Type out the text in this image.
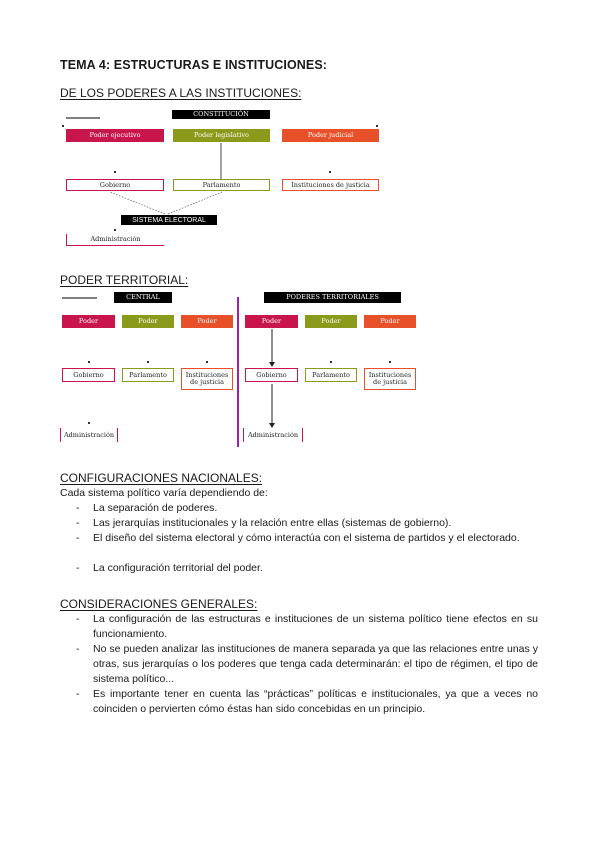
TEMA 4: ESTRUCTURAS E INSTITUCIONES:
DE LOS PODERES A LAS INSTITUCIONES:
CONSTITUCIÓN
Poder ejecutivo	Poder legislativo	Poder judicial
Gobierno	Parlamento	Instituciones de justicia
SISTEMA ELECTORAL
Administración
PODER TERRITORIAL:
CENTRAL
Poder	Poder	Poder
Gobierno	Parlamento	Instituciones de justicia
Administración
PODERES TERRITORIALES
Poder	Poder	Poder
Gobierno	Parlamento	Instituciones de justicia
Administración
CONFIGURACIONES NACIONALES:
Cada sistema político varía dependiendo de:
- La separación de poderes.
- Las jerarquías institucionales y la relación entre ellas (sistemas de gobierno).
- El diseño del sistema electoral y cómo interactúa con el sistema de partidos y el electorado.
- La configuración territorial del poder.
CONSIDERACIONES GENERALES:
- La configuración de las estructuras e instituciones de un sistema político tiene efectos en su funcionamiento.
- No se pueden analizar las instituciones de manera separada ya que las relaciones entre unas y otras, sus jerarquías o los poderes que tenga cada determinarán: el tipo de régimen, el tipo de sistema político...
- Es importante tener en cuenta las “prácticas” políticas e institucionales, ya que a veces no coinciden o pervierten cómo éstas han sido concebidas en un principio.
